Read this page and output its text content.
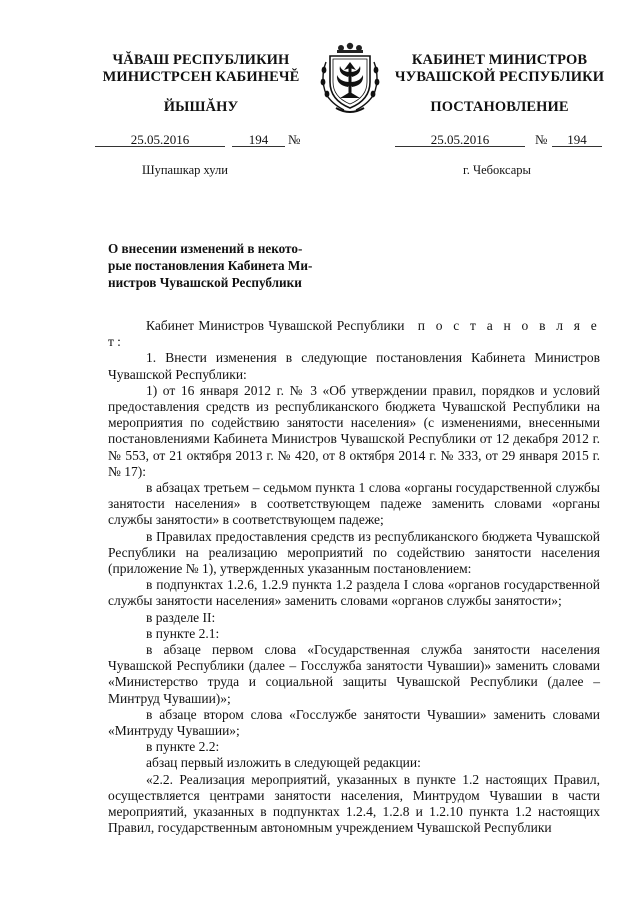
ЧĂВАШ РЕСПУБЛИКИН
МИНИСТРСЕН КАБИНЕЧĔ
ЙЫШĂНУ
КАБИНЕТ МИНИСТРОВ
ЧУВАШСКОЙ РЕСПУБЛИКИ
ПОСТАНОВЛЕНИЕ
25.05.2016	194	№	25.05.2016	№	194
Шупашкар хули	г. Чебоксары
О внесении изменений в некото-
рые постановления Кабинета Ми-
нистров Чувашской Республики

Кабинет Министров Чувашской Республики п о с т а н о в л я е т:

1. Внести изменения в следующие постановления Кабинета Министров Чувашской Республики:

1) от 16 января 2012 г. № 3 «Об утверждении правил, порядков и условий предоставления средств из республиканского бюджета Чувашской Республики на мероприятия по содействию занятости населения» (с изменениями, внесенными постановлениями Кабинета Министров Чувашской Республики от 12 декабря 2012 г. № 553, от 21 октября 2013 г. № 420, от 8 октября 2014 г. № 333, от 29 января 2015 г. № 17):

в абзацах третьем – седьмом пункта 1 слова «органы государственной службы занятости населения» в соответствующем падеже заменить словами «органы службы занятости» в соответствующем падеже;

в Правилах предоставления средств из республиканского бюджета Чувашской Республики на реализацию мероприятий по содействию занятости населения (приложение № 1), утвержденных указанным постановлением:

в подпунктах 1.2.6, 1.2.9 пункта 1.2 раздела I слова «органов государственной службы занятости населения» заменить словами «органов службы занятости»;

в разделе II:

в пункте 2.1:

в абзаце первом слова «Государственная служба занятости населения Чувашской Республики (далее – Госслужба занятости Чувашии)» заменить словами «Министерство труда и социальной защиты Чувашской Республики (далее – Минтруд Чувашии)»;

в абзаце втором слова «Госслужбе занятости Чувашии» заменить словами «Минтруду Чувашии»;

в пункте 2.2:

абзац первый изложить в следующей редакции:

«2.2. Реализация мероприятий, указанных в пункте 1.2 настоящих Правил, осуществляется центрами занятости населения, Минтрудом Чувашии в части мероприятий, указанных в подпунктах 1.2.4, 1.2.8 и 1.2.10 пункта 1.2 настоящих Правил, государственным автономным учреждением Чувашской Республики
